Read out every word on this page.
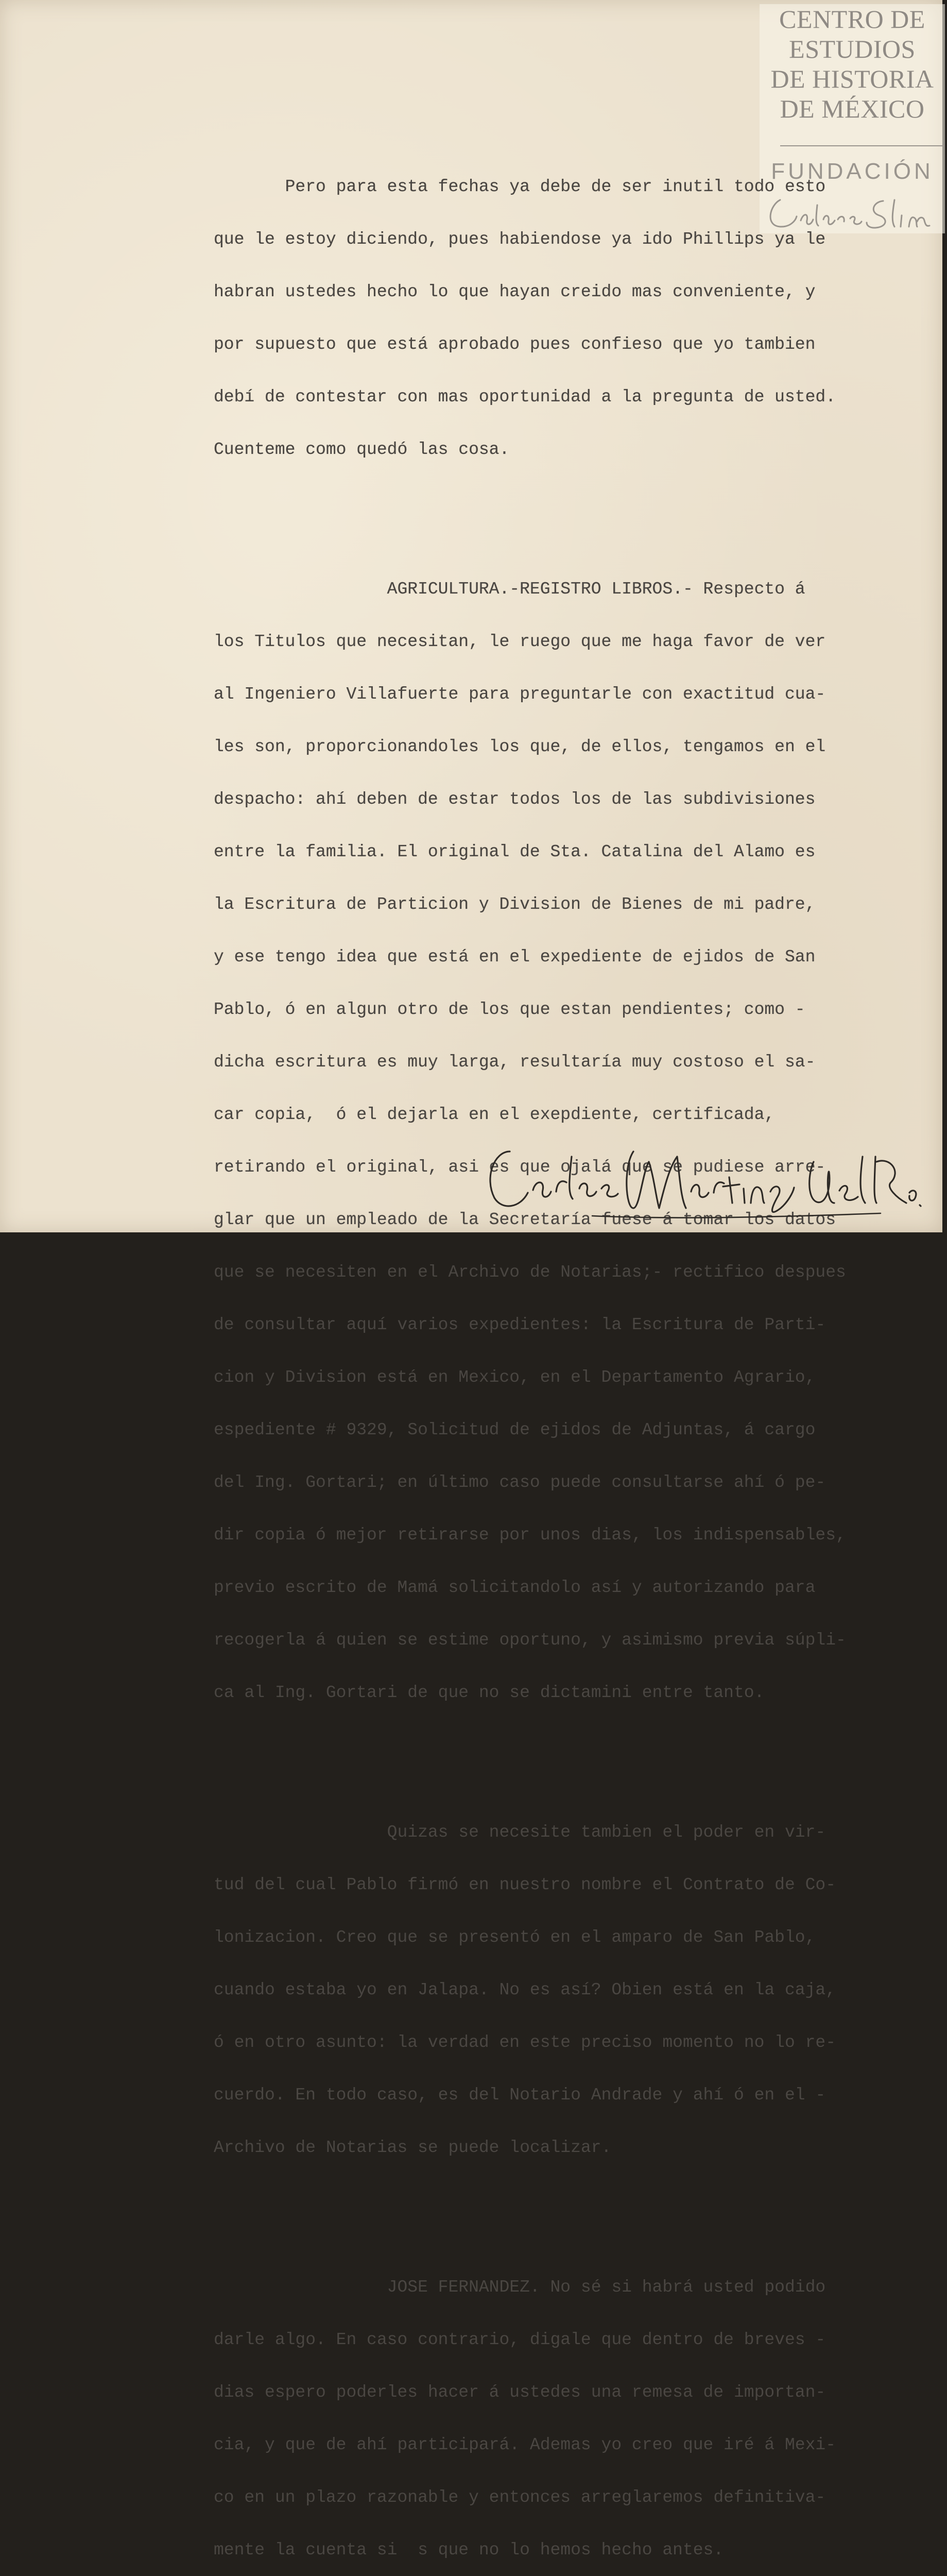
CENTRO DE
ESTUDIOS
DE HISTORIA
DE MÉXICO
FUNDACIÓN

Pero para esta fechas ya debe de ser inutil todo esto

que le estoy diciendo, pues habiendose ya ido Phillips ya le

habran ustedes hecho lo que hayan creido mas conveniente, y

por supuesto que está aprobado pues confieso que yo tambien

debí de contestar con mas oportunidad a la pregunta de usted.

Cuenteme como quedó las cosa.

AGRICULTURA.-REGISTRO LIBROS.- Respecto á

los Titulos que necesitan, le ruego que me haga favor de ver

al Ingeniero Villafuerte para preguntarle con exactitud cua-

les son, proporcionandoles los que, de ellos, tengamos en el

despacho: ahí deben de estar todos los de las subdivisiones

entre la familia. El original de Sta. Catalina del Alamo es

la Escritura de Particion y Division de Bienes de mi padre,

y ese tengo idea que está en el expediente de ejidos de San

Pablo, ó en algun otro de los que estan pendientes; como -

dicha escritura es muy larga, resultaría muy costoso el sa-

car copia,  ó el dejarla en el exepdiente, certificada,

retirando el original, asi es que ojalá que se pudiese arre-

glar que un empleado de la Secretaría fuese á tomar los datos

que se necesiten en el Archivo de Notarias;- rectifico despues

de consultar aquí varios expedientes: la Escritura de Parti-

cion y Division está en Mexico, en el Departamento Agrario,

espediente # 9329, Solicitud de ejidos de Adjuntas, á cargo

del Ing. Gortari; en último caso puede consultarse ahí ó pe-

dir copia ó mejor retirarse por unos dias, los indispensables,

previo escrito de Mamá solicitandolo así y autorizando para

recogerla á quien se estime oportuno, y asimismo previa súpli-

ca al Ing. Gortari de que no se dictamini entre tanto.

Quizas se necesite tambien el poder en vir-

tud del cual Pablo firmó en nuestro nombre el Contrato de Co-

lonizacion. Creo que se presentó en el amparo de San Pablo,

cuando estaba yo en Jalapa. No es así? Obien está en la caja,

ó en otro asunto: la verdad en este preciso momento no lo re-

cuerdo. En todo caso, es del Notario Andrade y ahí ó en el -

Archivo de Notarias se puede localizar.

JOSE FERNANDEZ. No sé si habrá usted podido

darle algo. En caso contrario, digale que dentro de breves -

dias espero poderles hacer á ustedes una remesa de importan-

cia, y que de ahí participará. Ademas yo creo que iré á Mexi-

co en un plazo razonable y entonces arreglaremos definitiva-

mente la cuenta si  s que no lo hemos hecho antes.
